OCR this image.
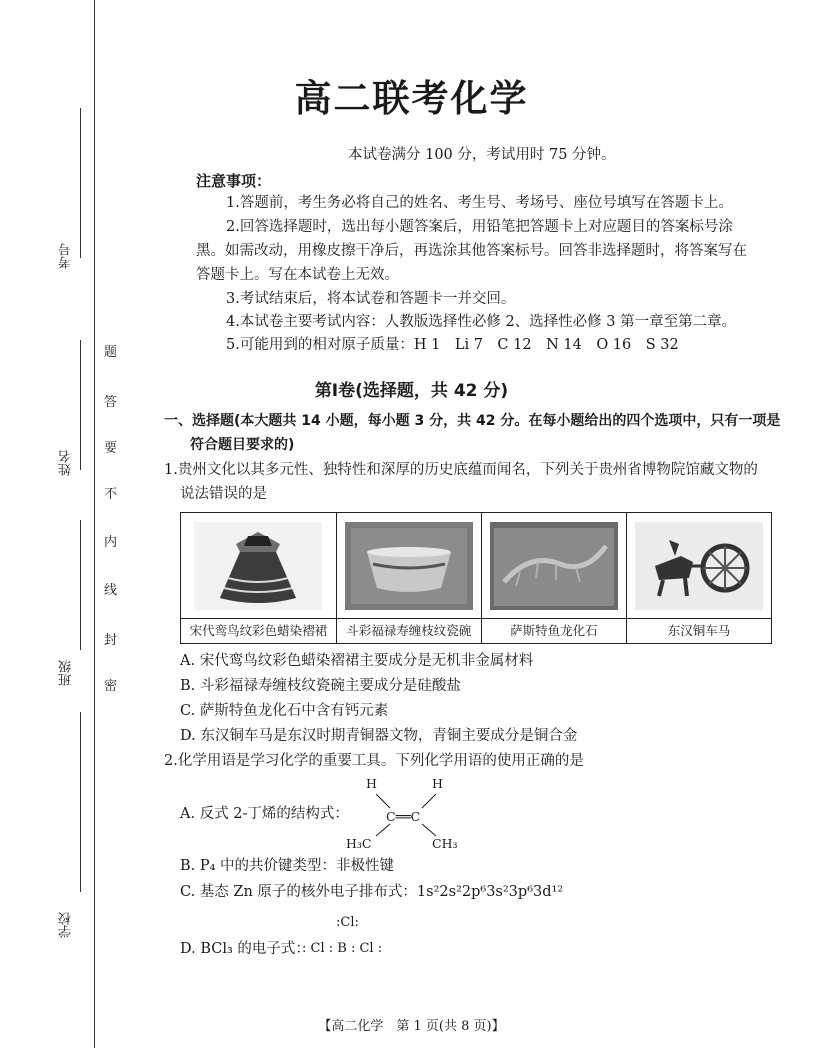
考号
姓名
班级
学校
题
答
要
不
内
线
封
密
高二联考化学
本试卷满分 100 分，考试用时 75 分钟。
注意事项：
1.答题前，考生务必将自己的姓名、考生号、考场号、座位号填写在答题卡上。
2.回答选择题时，选出每小题答案后，用铅笔把答题卡上对应题目的答案标号涂
黑。如需改动，用橡皮擦干净后，再选涂其他答案标号。回答非选择题时，将答案写在
答题卡上。写在本试卷上无效。
3.考试结束后，将本试卷和答题卡一并交回。
4.本试卷主要考试内容：人教版选择性必修 2、选择性必修 3 第一章至第二章。
5.可能用到的相对原子质量：H 1　Li 7　C 12　N 14　O 16　S 32
第Ⅰ卷(选择题，共 42 分)
一、选择题(本大题共 14 小题，每小题 3 分，共 42 分。在每小题给出的四个选项中，只有一项是
符合题目要求的)
1.贵州文化以其多元性、独特性和深厚的历史底蕴而闻名，下列关于贵州省博物院馆藏文物的
说法错误的是

宋代鸾鸟纹彩色蜡染褶裙	斗彩福禄寿缠枝纹瓷碗	萨斯特鱼龙化石	东汉铜车马
A. 宋代鸾鸟纹彩色蜡染褶裙主要成分是无机非金属材料
B. 斗彩福禄寿缠枝纹瓷碗主要成分是硅酸盐
C. 萨斯特鱼龙化石中含有钙元素
D. 东汉铜车马是东汉时期青铜器文物，青铜主要成分是铜合金
2.化学用语是学习化学的重要工具。下列化学用语的使用正确的是
A. 反式 2-丁烯的结构式：
H	H
C══C
H₃C	CH₃
B. P₄ 中的共价键类型：非极性键
C. 基态 Zn 原子的核外电子排布式：1s²2s²2p⁶3s²3p⁶3d¹²
D. BCl₃ 的电子式：
:Cl:
: Cl : B : Cl :
【高二化学　第 1 页(共 8 页)】
